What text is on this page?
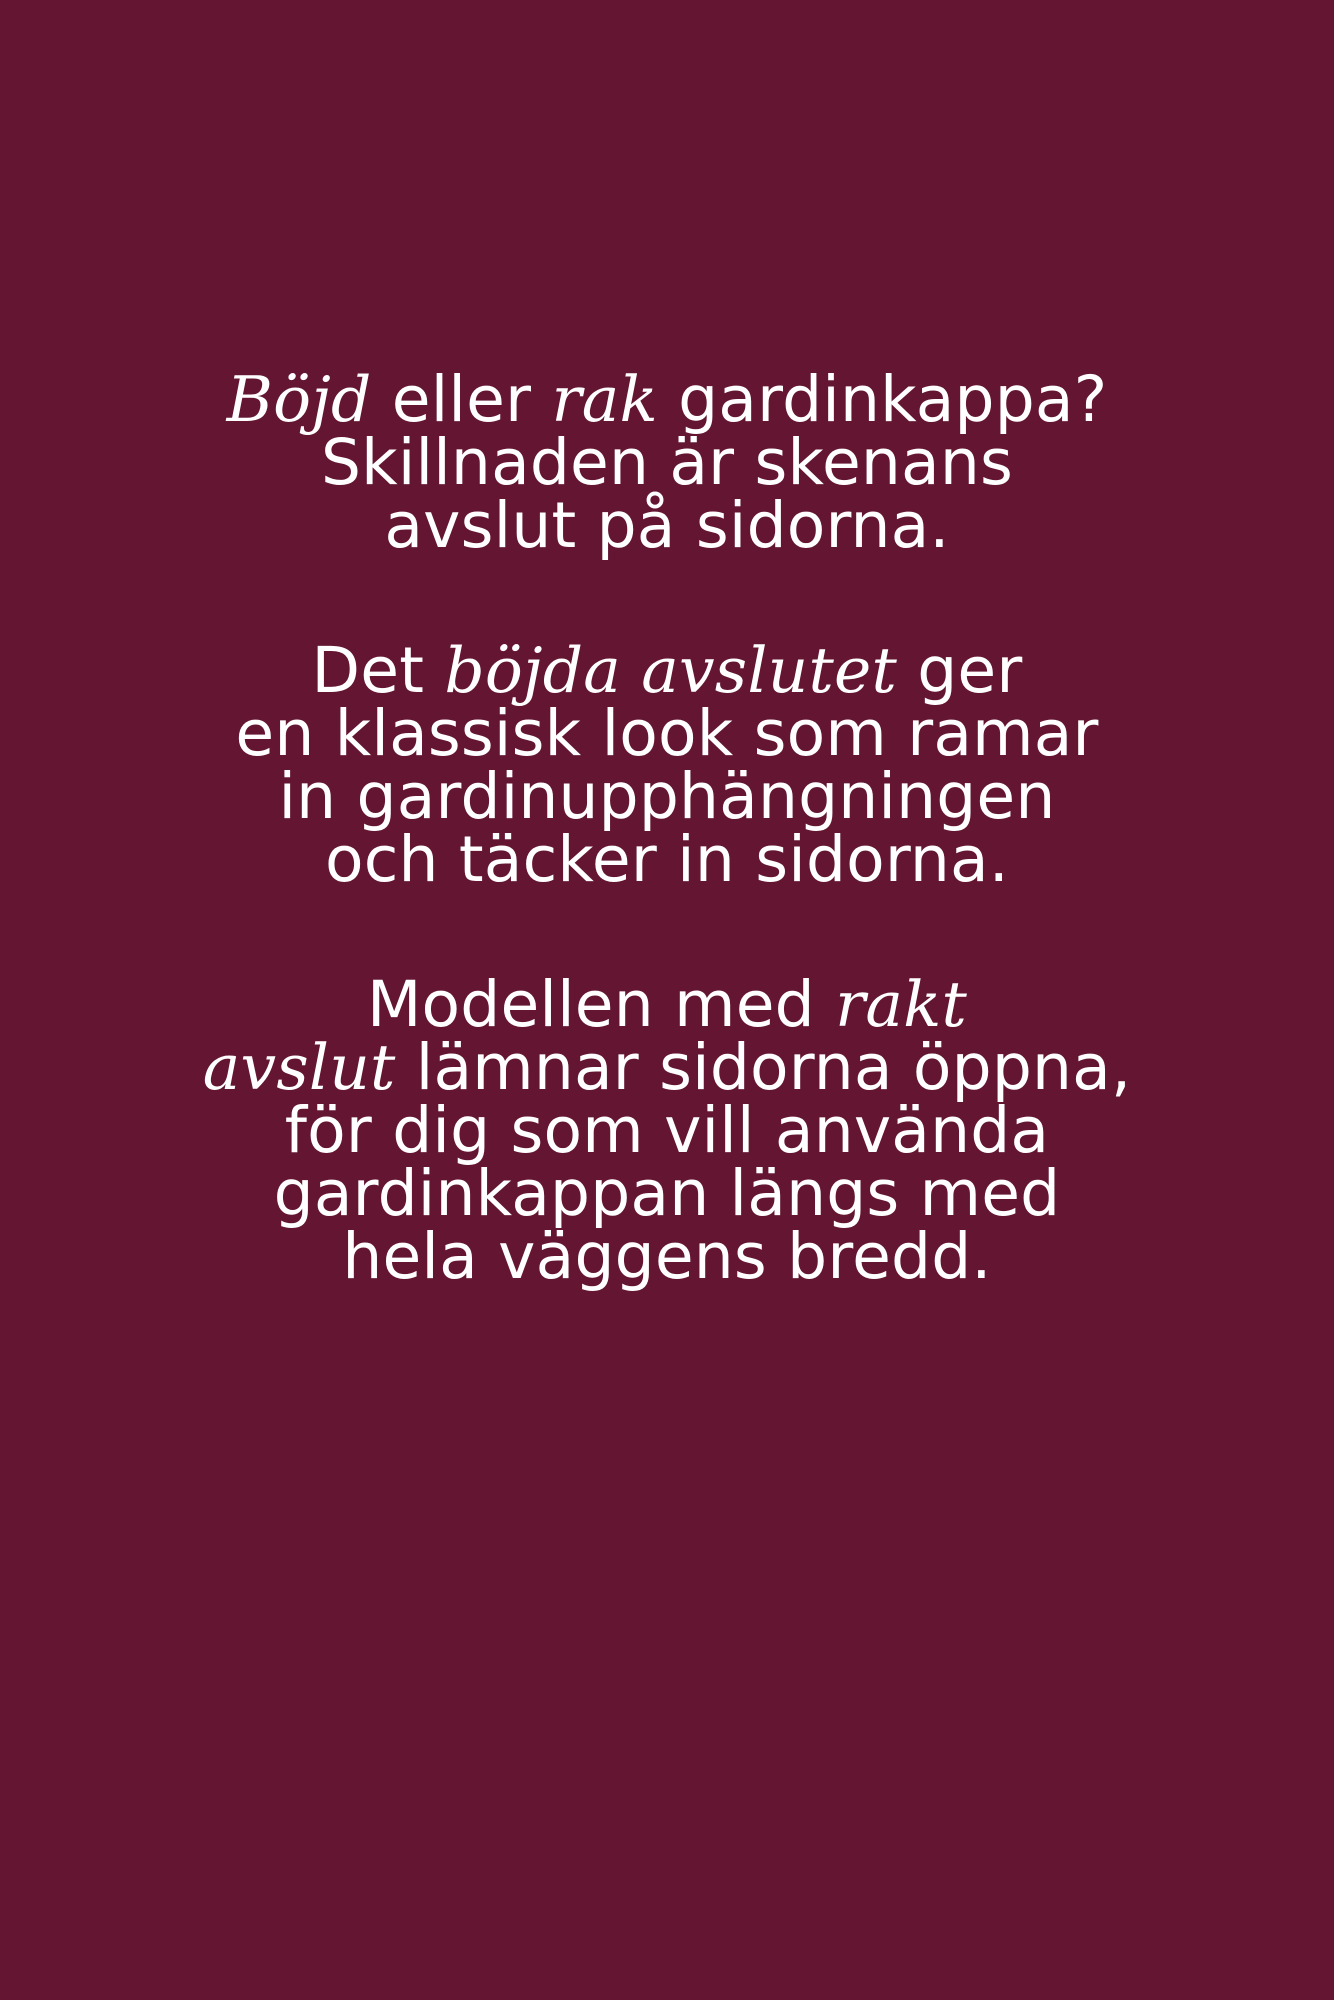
Böjd eller rak gardinkappa?
Skillnaden är skenans
avslut på sidorna.
Det böjda avslutet ger
en klassisk look som ramar
in gardinupphängningen
och täcker in sidorna.
Modellen med rakt
avslut lämnar sidorna öppna,
för dig som vill använda
gardinkappan längs med
hela väggens bredd.
